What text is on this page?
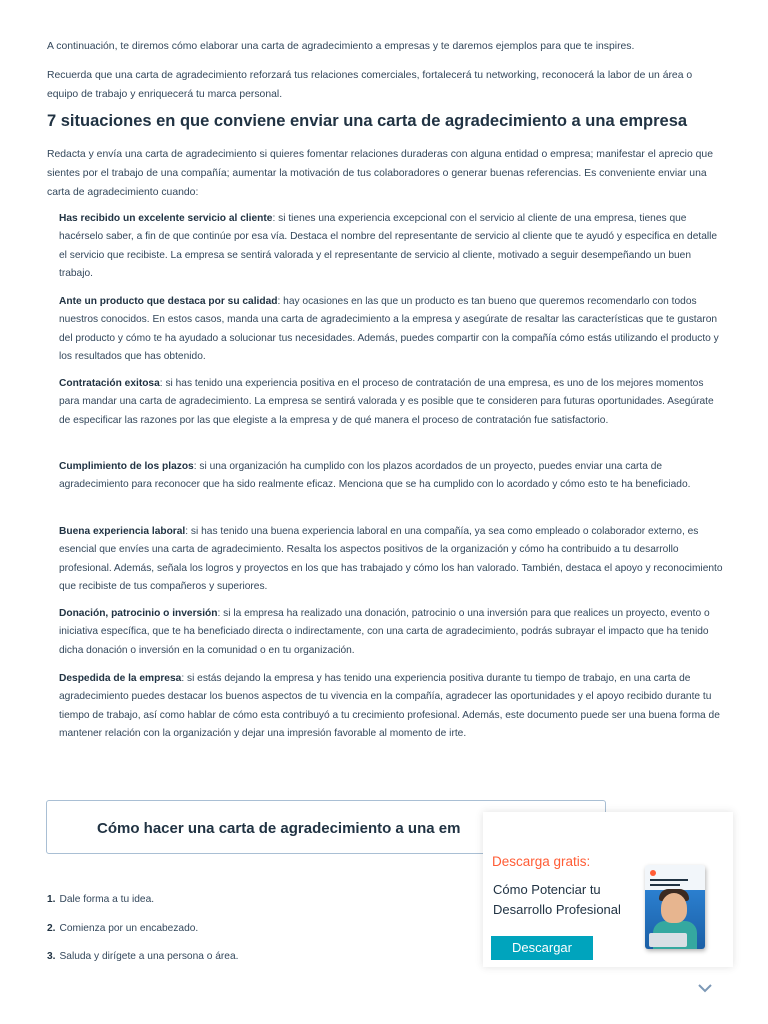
A continuación, te diremos cómo elaborar una carta de agradecimiento a empresas y te daremos ejemplos para que te inspires.

Recuerda que una carta de agradecimiento reforzará tus relaciones comerciales, fortalecerá tu networking, reconocerá la labor de un área o equipo de trabajo y enriquecerá tu marca personal.

7 situaciones en que conviene enviar una carta de agradecimiento a una empresa

Redacta y envía una carta de agradecimiento si quieres fomentar relaciones duraderas con alguna entidad o empresa; manifestar el aprecio que sientes por el trabajo de una compañía; aumentar la motivación de tus colaboradores o generar buenas referencias. Es conveniente enviar una carta de agradecimiento cuando:

Has recibido un excelente servicio al cliente: si tienes una experiencia excepcional con el servicio al cliente de una empresa, tienes que hacérselo saber, a fin de que continúe por esa vía. Destaca el nombre del representante de servicio al cliente que te ayudó y especifica en detalle el servicio que recibiste. La empresa se sentirá valorada y el representante de servicio al cliente, motivado a seguir desempeñando un buen trabajo.

Ante un producto que destaca por su calidad: hay ocasiones en las que un producto es tan bueno que queremos recomendarlo con todos nuestros conocidos. En estos casos, manda una carta de agradecimiento a la empresa y asegúrate de resaltar las características que te gustaron del producto y cómo te ha ayudado a solucionar tus necesidades. Además, puedes compartir con la compañía cómo estás utilizando el producto y los resultados que has obtenido.

Contratación exitosa: si has tenido una experiencia positiva en el proceso de contratación de una empresa, es uno de los mejores momentos para mandar una carta de agradecimiento. La empresa se sentirá valorada y es posible que te consideren para futuras oportunidades. Asegúrate de especificar las razones por las que elegiste a la empresa y de qué manera el proceso de contratación fue satisfactorio.

Cumplimiento de los plazos: si una organización ha cumplido con los plazos acordados de un proyecto, puedes enviar una carta de agradecimiento para reconocer que ha sido realmente eficaz. Menciona que se ha cumplido con lo acordado y cómo esto te ha beneficiado.

Buena experiencia laboral: si has tenido una buena experiencia laboral en una compañía, ya sea como empleado o colaborador externo, es esencial que envíes una carta de agradecimiento. Resalta los aspectos positivos de la organización y cómo ha contribuido a tu desarrollo profesional. Además, señala los logros y proyectos en los que has trabajado y cómo los han valorado. También, destaca el apoyo y reconocimiento que recibiste de tus compañeros y superiores.

Donación, patrocinio o inversión: si la empresa ha realizado una donación, patrocinio o una inversión para que realices un proyecto, evento o iniciativa específica, que te ha beneficiado directa o indirectamente, con una carta de agradecimiento, podrás subrayar el impacto que ha tenido dicha donación o inversión en la comunidad o en tu organización.

Despedida de la empresa: si estás dejando la empresa y has tenido una experiencia positiva durante tu tiempo de trabajo, en una carta de agradecimiento puedes destacar los buenos aspectos de tu vivencia en la compañía, agradecer las oportunidades y el apoyo recibido durante tu tiempo de trabajo, así como hablar de cómo esta contribuyó a tu crecimiento profesional. Además, este documento puede ser una buena forma de mantener relación con la organización y dejar una impresión favorable al momento de irte.

Cómo hacer una carta de agradecimiento a una em
1. Dale forma a tu idea.
2. Comienza por un encabezado.
3. Saluda y dirígete a una persona o área.
Descarga gratis:
Cómo Potenciar tu
Desarrollo Profesional
Descargar
